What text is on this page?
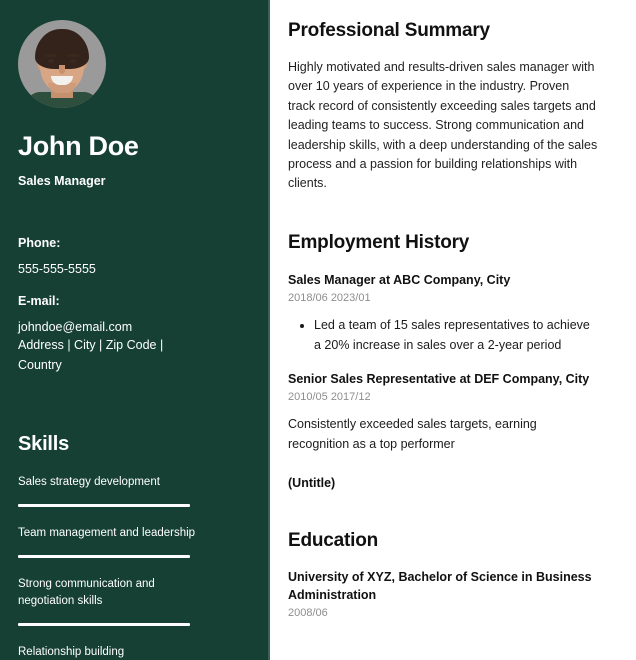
John Doe
Sales Manager
Phone:
555-555-5555
E-mail:
johndoe@email.com
Address | City | Zip Code | Country
Skills
Sales strategy development
Team management and leadership
Strong communication and negotiation skills
Relationship building
Professional Summary

Highly motivated and results-driven sales manager with over 10 years of experience in the industry. Proven track record of consistently exceeding sales targets and leading teams to success. Strong communication and leadership skills, with a deep understanding of the sales process and a passion for building relationships with clients.

Employment History
Sales Manager at ABC Company, City
2018/06 2023/01
• Led a team of 15 sales representatives to achieve a 20% increase in sales over a 2-year period
Senior Sales Representative at DEF Company, City
2010/05 2017/12

Consistently exceeded sales targets, earning recognition as a top performer

(Untitle)
Education
University of XYZ, Bachelor of Science in Business Administration
2008/06
